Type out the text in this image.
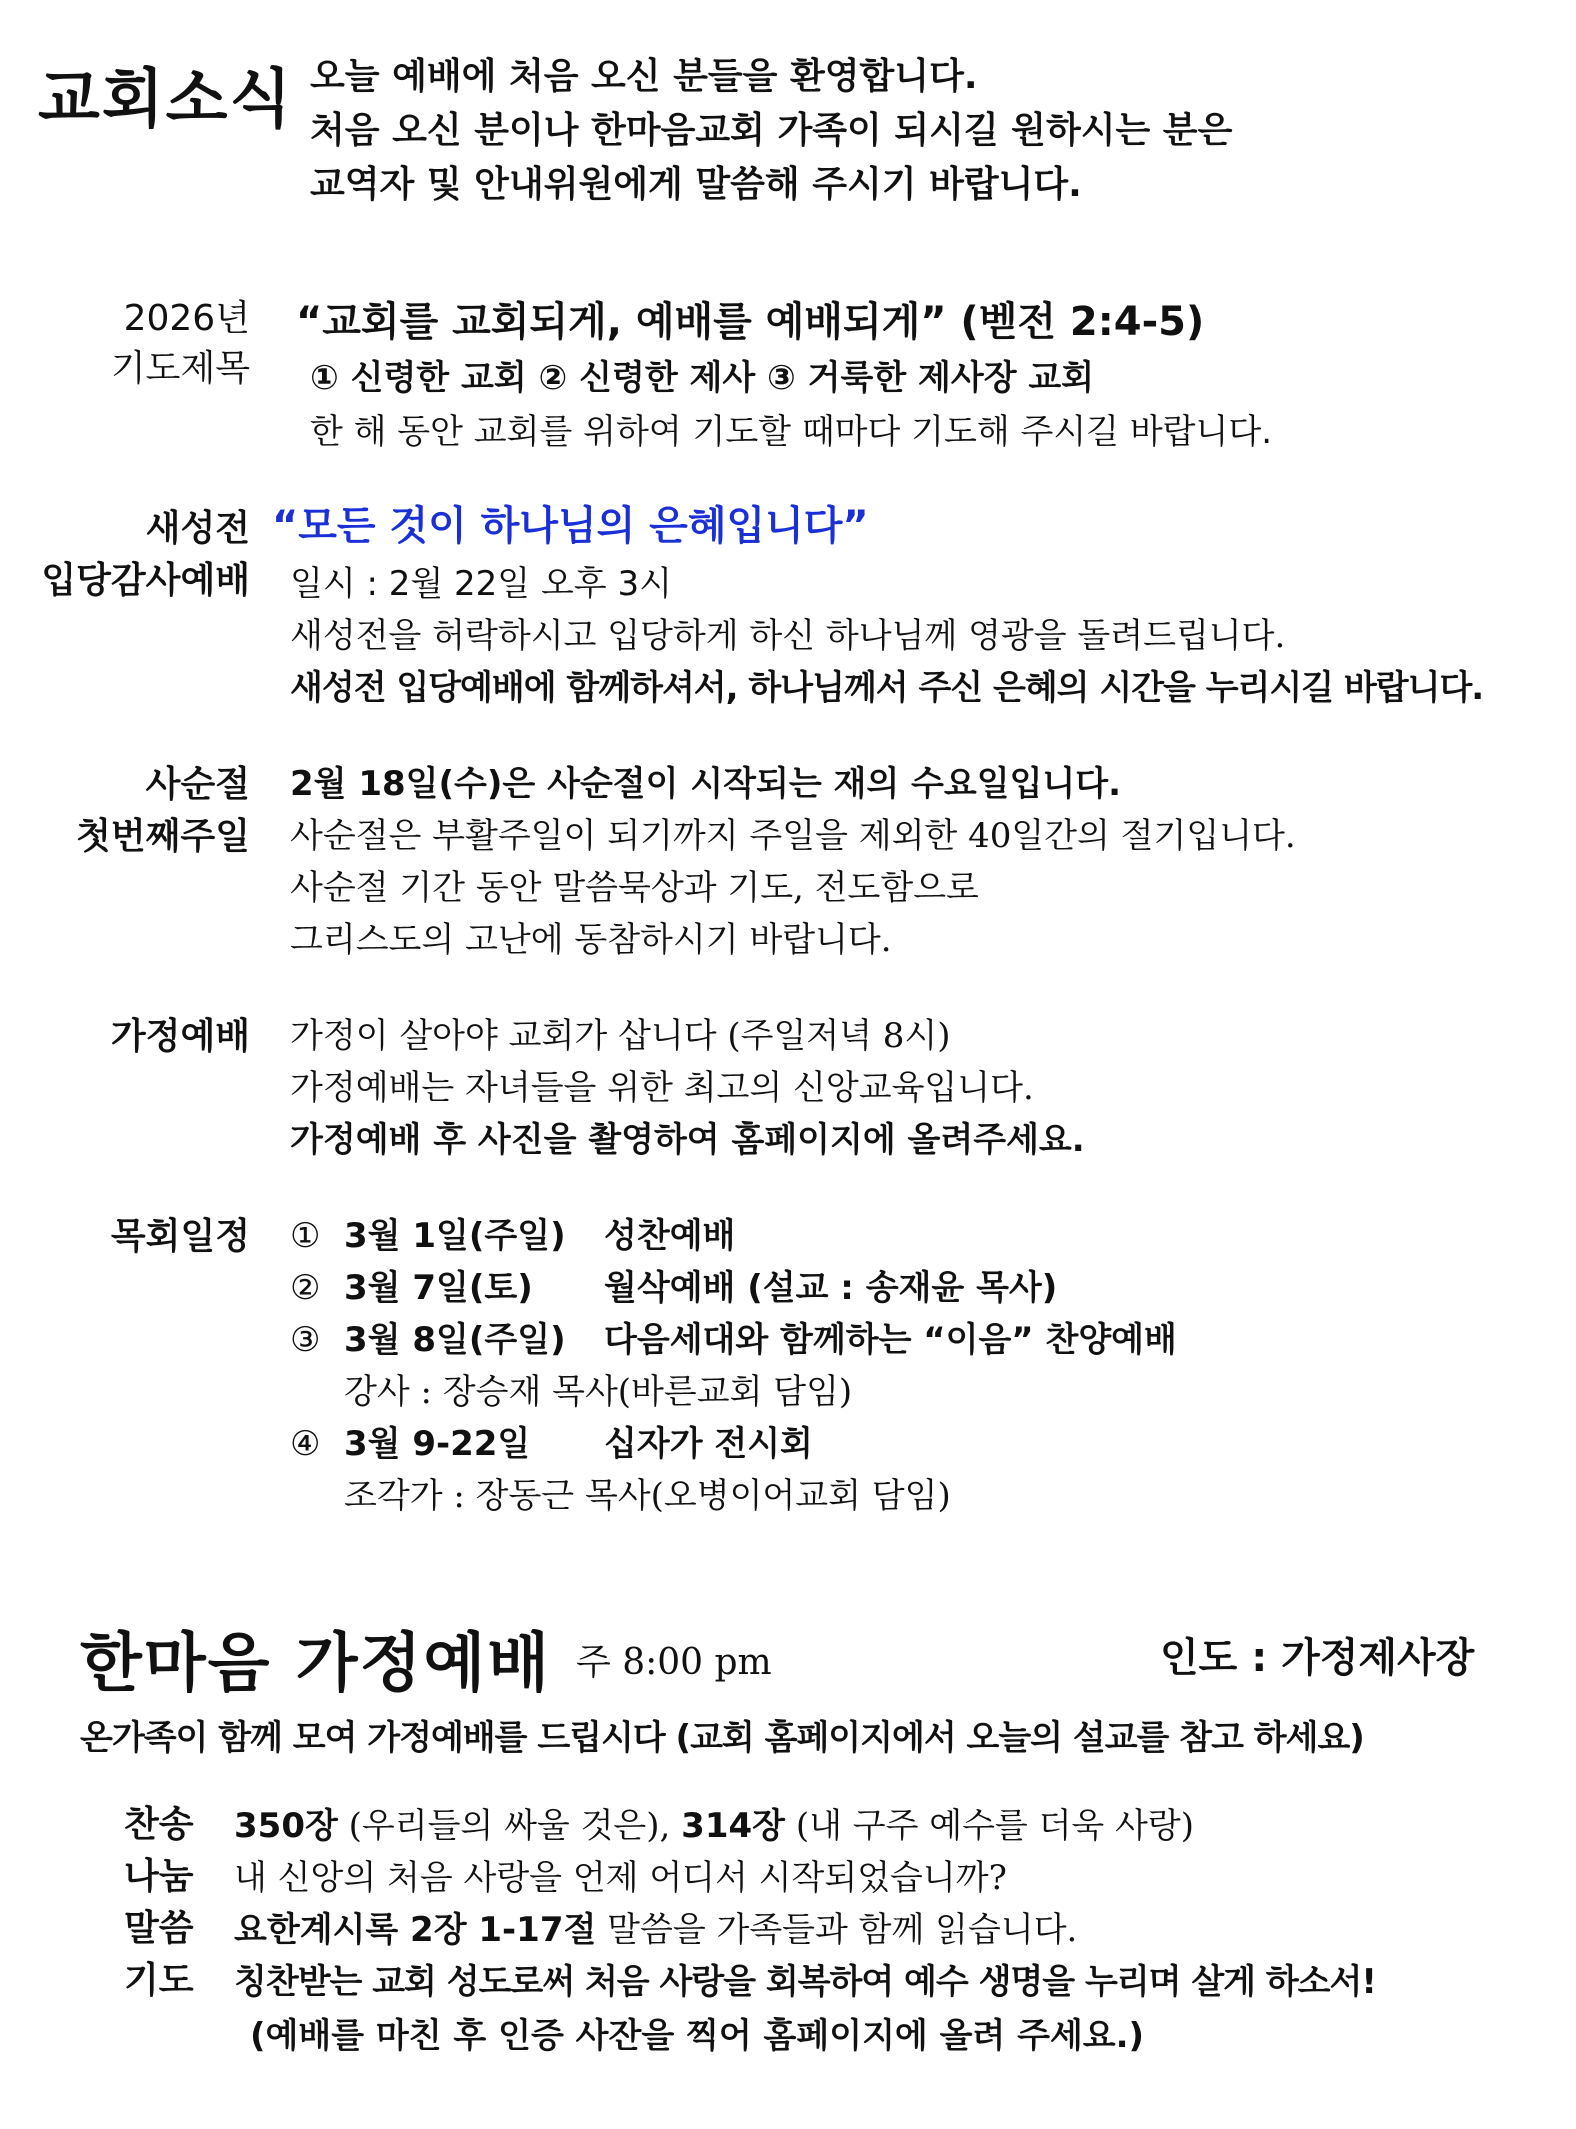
교회소식 오늘 예배에 처음 오신 분들을 환영합니다.
처음 오신 분이나 한마음교회 가족이 되시길 원하시는 분은
교역자 및 안내위원에게 말씀해 주시기 바랍니다.
2026년
기도제목
“교회를 교회되게, 예배를 예배되게” (벧전 2:4-5)
① 신령한 교회 ② 신령한 제사 ③ 거룩한 제사장 교회
한 해 동안 교회를 위하여 기도할 때마다 기도해 주시길 바랍니다.
새성전
입당감사예배
“모든 것이 하나님의 은혜입니다”
일시 : 2월 22일 오후 3시
새성전을 허락하시고 입당하게 하신 하나님께 영광을 돌려드립니다.
새성전 입당예배에 함께하셔서, 하나님께서 주신 은혜의 시간을 누리시길 바랍니다.
사순절
첫번째주일
2월 18일(수)은 사순절이 시작되는 재의 수요일입니다.
사순절은 부활주일이 되기까지 주일을 제외한 40일간의 절기입니다.
사순절 기간 동안 말씀묵상과 기도, 전도함으로
그리스도의 고난에 동참하시기 바랍니다.
가정예배 가정이 살아야 교회가 삽니다 (주일저녁 8시)
가정예배는 자녀들을 위한 최고의 신앙교육입니다.
가정예배 후 사진을 촬영하여 홈페이지에 올려주세요.
목회일정 ① 3월 1일(주일) 성찬예배
② 3월 7일(토) 월삭예배 (설교 : 송재윤 목사)
③ 3월 8일(주일) 다음세대와 함께하는 “이음” 찬양예배
강사 : 장승재 목사(바른교회 담임)
④ 3월 9-22일 십자가 전시회
조각가 : 장동근 목사(오병이어교회 담임)
한마음 가정예배 주 8:00 pm	인도 : 가정제사장
온가족이 함께 모여 가정예배를 드립시다 (교회 홈페이지에서 오늘의 설교를 참고 하세요)
찬송 350장 (우리들의 싸울 것은), 314장 (내 구주 예수를 더욱 사랑)
나눔 내 신앙의 처음 사랑을 언제 어디서 시작되었습니까?
말씀 요한계시록 2장 1-17절 말씀을 가족들과 함께 읽습니다.
기도 칭찬받는 교회 성도로써 처음 사랑을 회복하여 예수 생명을 누리며 살게 하소서!
(예배를 마친 후 인증 사잔을 찍어 홈페이지에 올려 주세요.)
